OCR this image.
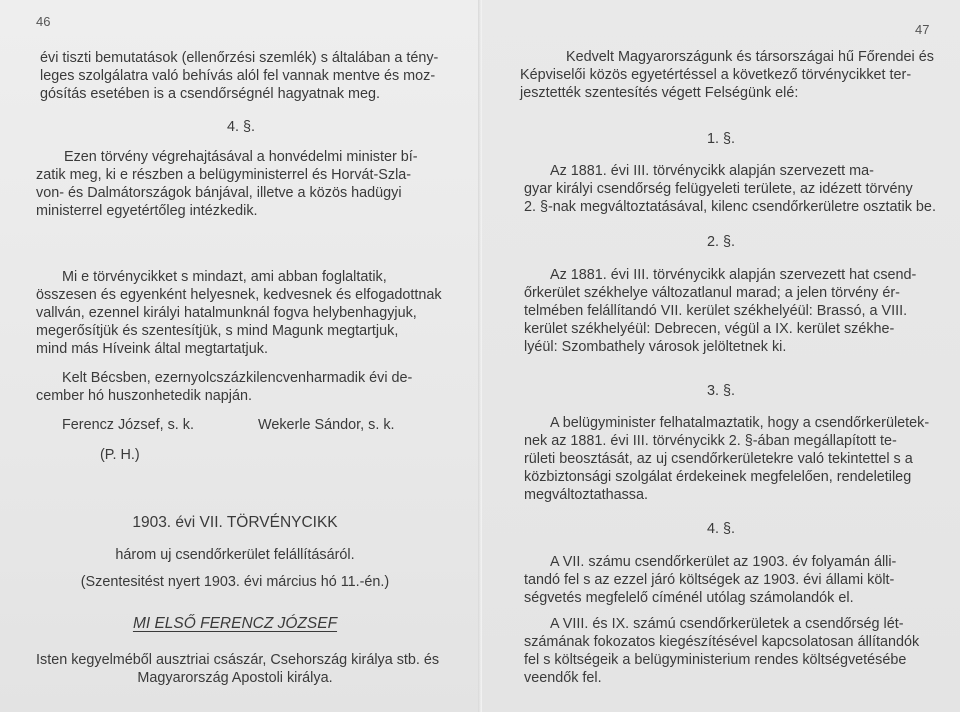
46
évi tiszti bemutatások (ellenőrzési szemlék) s általában a tény-
leges szolgálatra való behívás alól fel vannak mentve és moz-
gósítás esetében is a csendőrségnél hagyatnak meg.
4. §.
Ezen törvény végrehajtásával a honvédelmi minister bí-
zatik meg, ki e részben a belügyministerrel és Horvát-Szla-
von- és Dalmátországok bánjával, illetve a közös hadügyi
ministerrel egyetértőleg intézkedik.
Mi e törvénycikket s mindazt, ami abban foglaltatik,
összesen és egyenként helyesnek, kedvesnek és elfogadottnak
vallván, ezennel királyi hatalmunknál fogva helybenhagyjuk,
megerősítjük és szentesítjük, s mind Magunk megtartjuk,
mind más Híveink által megtartatjuk.
Kelt Bécsben, ezernyolcszázkilencvenharmadik évi de-
cember hó huszonhetedik napján.
Ferencz József, s. k.	Wekerle Sándor, s. k.
(P. H.)
1903. évi VII. TÖRVÉNYCIKK
három uj csendőrkerület felállításáról.
(Szentesitést nyert 1903. évi március hó 11.-én.)
MI ELSŐ FERENCZ JÓZSEF
Isten kegyelméből ausztriai császár, Csehország királya stb. és
Magyarország Apostoli királya.
47
Kedvelt Magyarországunk és társországai hű Főrendei és
Képviselői közös egyetértéssel a következő törvénycikket ter-
jesztették szentesítés végett Felségünk elé:
1. §.
Az 1881. évi III. törvénycikk alapján szervezett ma-
gyar királyi csendőrség felügyeleti területe, az idézett törvény
2. §-nak megváltoztatásával, kilenc csendőrkerületre osztatik be.
2. §.
Az 1881. évi III. törvénycikk alapján szervezett hat csend-
őrkerület székhelye változatlanul marad; a jelen törvény ér-
telmében felállítandó VII. kerület székhelyéül: Brassó, a VIII.
kerület székhelyéül: Debrecen, végül a IX. kerület székhe-
lyéül: Szombathely városok jelöltetnek ki.
3. §.
A belügyminister felhatalmaztatik, hogy a csendőrkerületek-
nek az 1881. évi III. törvénycikk 2. §-ában megállapított te-
rületi beosztását, az uj csendőrkerületekre való tekintettel s a
közbiztonsági szolgálat érdekeinek megfelelően, rendeletileg
megváltoztathassa.
4. §.
A VII. számu csendőrkerület az 1903. év folyamán álli-
tandó fel s az ezzel járó költségek az 1903. évi állami költ-
ségvetés megfelelő címénél utólag számolandók el.
A VIII. és IX. számú csendőrkerületek a csendőrség lét-
számának fokozatos kiegészítésével kapcsolatosan állítandók
fel s költségeik a belügyministerium rendes költségvetésébe
veendők fel.
